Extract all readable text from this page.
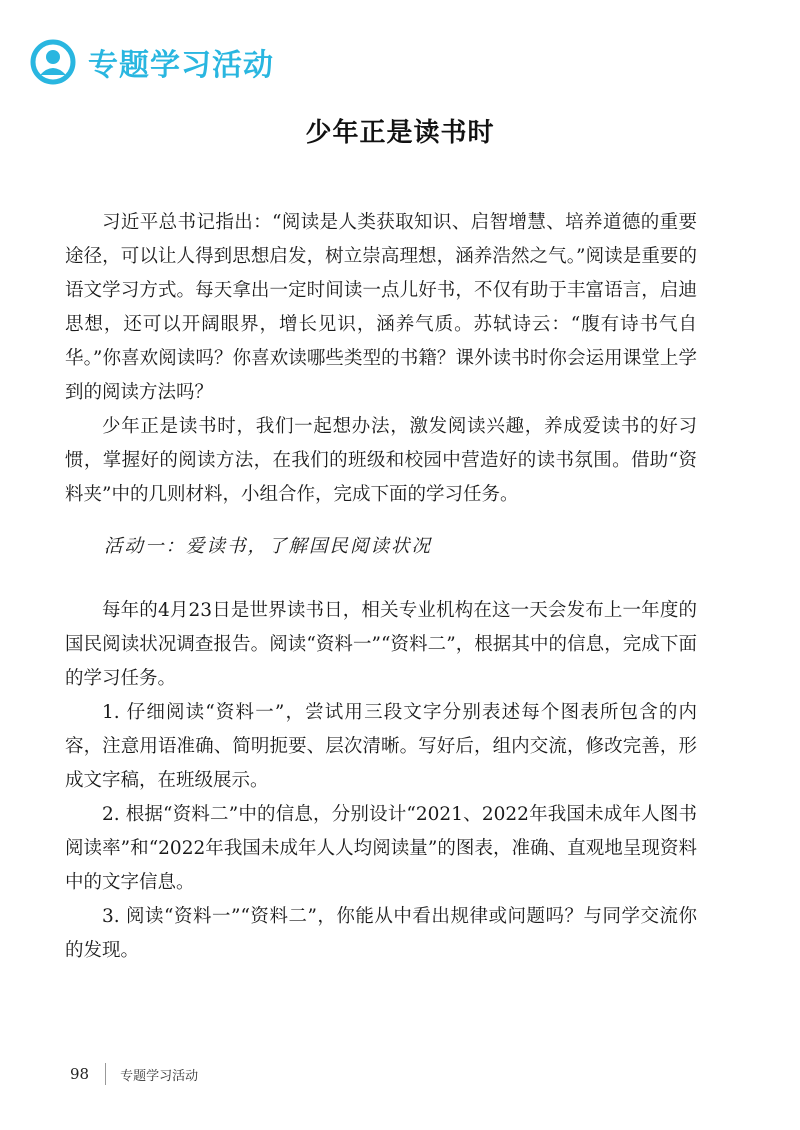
专题学习活动
少年正是读书时

习近平总书记指出：“阅读是人类获取知识、启智增慧、培养道德的重要途径，可以让人得到思想启发，树立崇高理想，涵养浩然之气。”阅读是重要的语文学习方式。每天拿出一定时间读一点儿好书，不仅有助于丰富语言，启迪思想，还可以开阔眼界，增长见识，涵养气质。苏轼诗云：“腹有诗书气自华。”你喜欢阅读吗？你喜欢读哪些类型的书籍？课外读书时你会运用课堂上学到的阅读方法吗？

少年正是读书时，我们一起想办法，激发阅读兴趣，养成爱读书的好习惯，掌握好的阅读方法，在我们的班级和校园中营造好的读书氛围。借助“资料夹”中的几则材料，小组合作，完成下面的学习任务。

活动一：爱读书，了解国民阅读状况

每年的4月23日是世界读书日，相关专业机构在这一天会发布上一年度的国民阅读状况调查报告。阅读“资料一”“资料二”，根据其中的信息，完成下面的学习任务。

1. 仔细阅读“资料一”，尝试用三段文字分别表述每个图表所包含的内容，注意用语准确、简明扼要、层次清晰。写好后，组内交流，修改完善，形成文字稿，在班级展示。

2. 根据“资料二”中的信息，分别设计“2021、2022年我国未成年人图书阅读率”和“2022年我国未成年人人均阅读量”的图表，准确、直观地呈现资料中的文字信息。

3. 阅读“资料一”“资料二”，你能从中看出规律或问题吗？与同学交流你的发现。

98 专题学习活动
